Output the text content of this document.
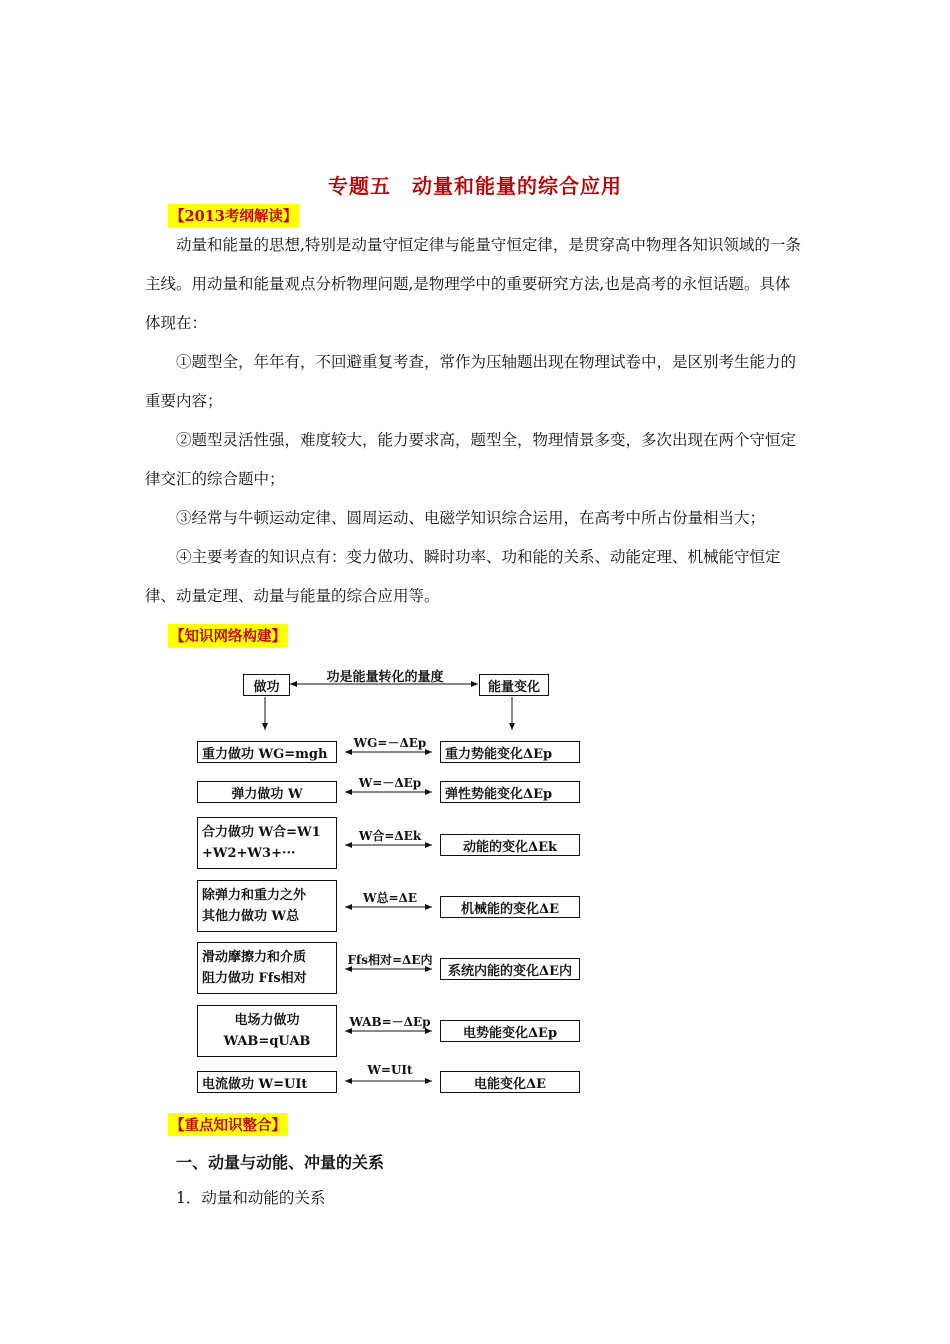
专题五　动量和能量的综合应用
【2013考纲解读】

动量和能量的思想,特别是动量守恒定律与能量守恒定律，是贯穿高中物理各知识领域的一条主线。用动量和能量观点分析物理问题,是物理学中的重要研究方法,也是高考的永恒话题。具体体现在：

①题型全，年年有，不回避重复考查，常作为压轴题出现在物理试卷中，是区别考生能力的重要内容；

②题型灵活性强，难度较大，能力要求高，题型全，物理情景多变，多次出现在两个守恒定律交汇的综合题中；

③经常与牛顿运动定律、圆周运动、电磁学知识综合运用，在高考中所占份量相当大；

④主要考查的知识点有：变力做功、瞬时功率、功和能的关系、动能定理、机械能守恒定律、动量定理、动量与能量的综合应用等。

【知识网络构建】
做功
功是能量转化的量度
能量变化
重力做功 WG=mgh
WG=－ΔEp
重力势能变化ΔEp
弹力做功 W
W=－ΔEp
弹性势能变化ΔEp
合力做功 W合=W1
+W2+W3+···
W合=ΔEk
动能的变化ΔEk
除弹力和重力之外
其他力做功 W总
W总=ΔE
机械能的变化ΔE
滑动摩擦力和介质
阻力做功 Ffs相对
Ffs相对=ΔE内
系统内能的变化ΔE内
电场力做功
WAB=qUAB
WAB=－ΔEp
电势能变化ΔEp
电流做功 W=UIt
W=UIt
电能变化ΔE
【重点知识整合】
一、动量与动能、冲量的关系
1．动量和动能的关系
